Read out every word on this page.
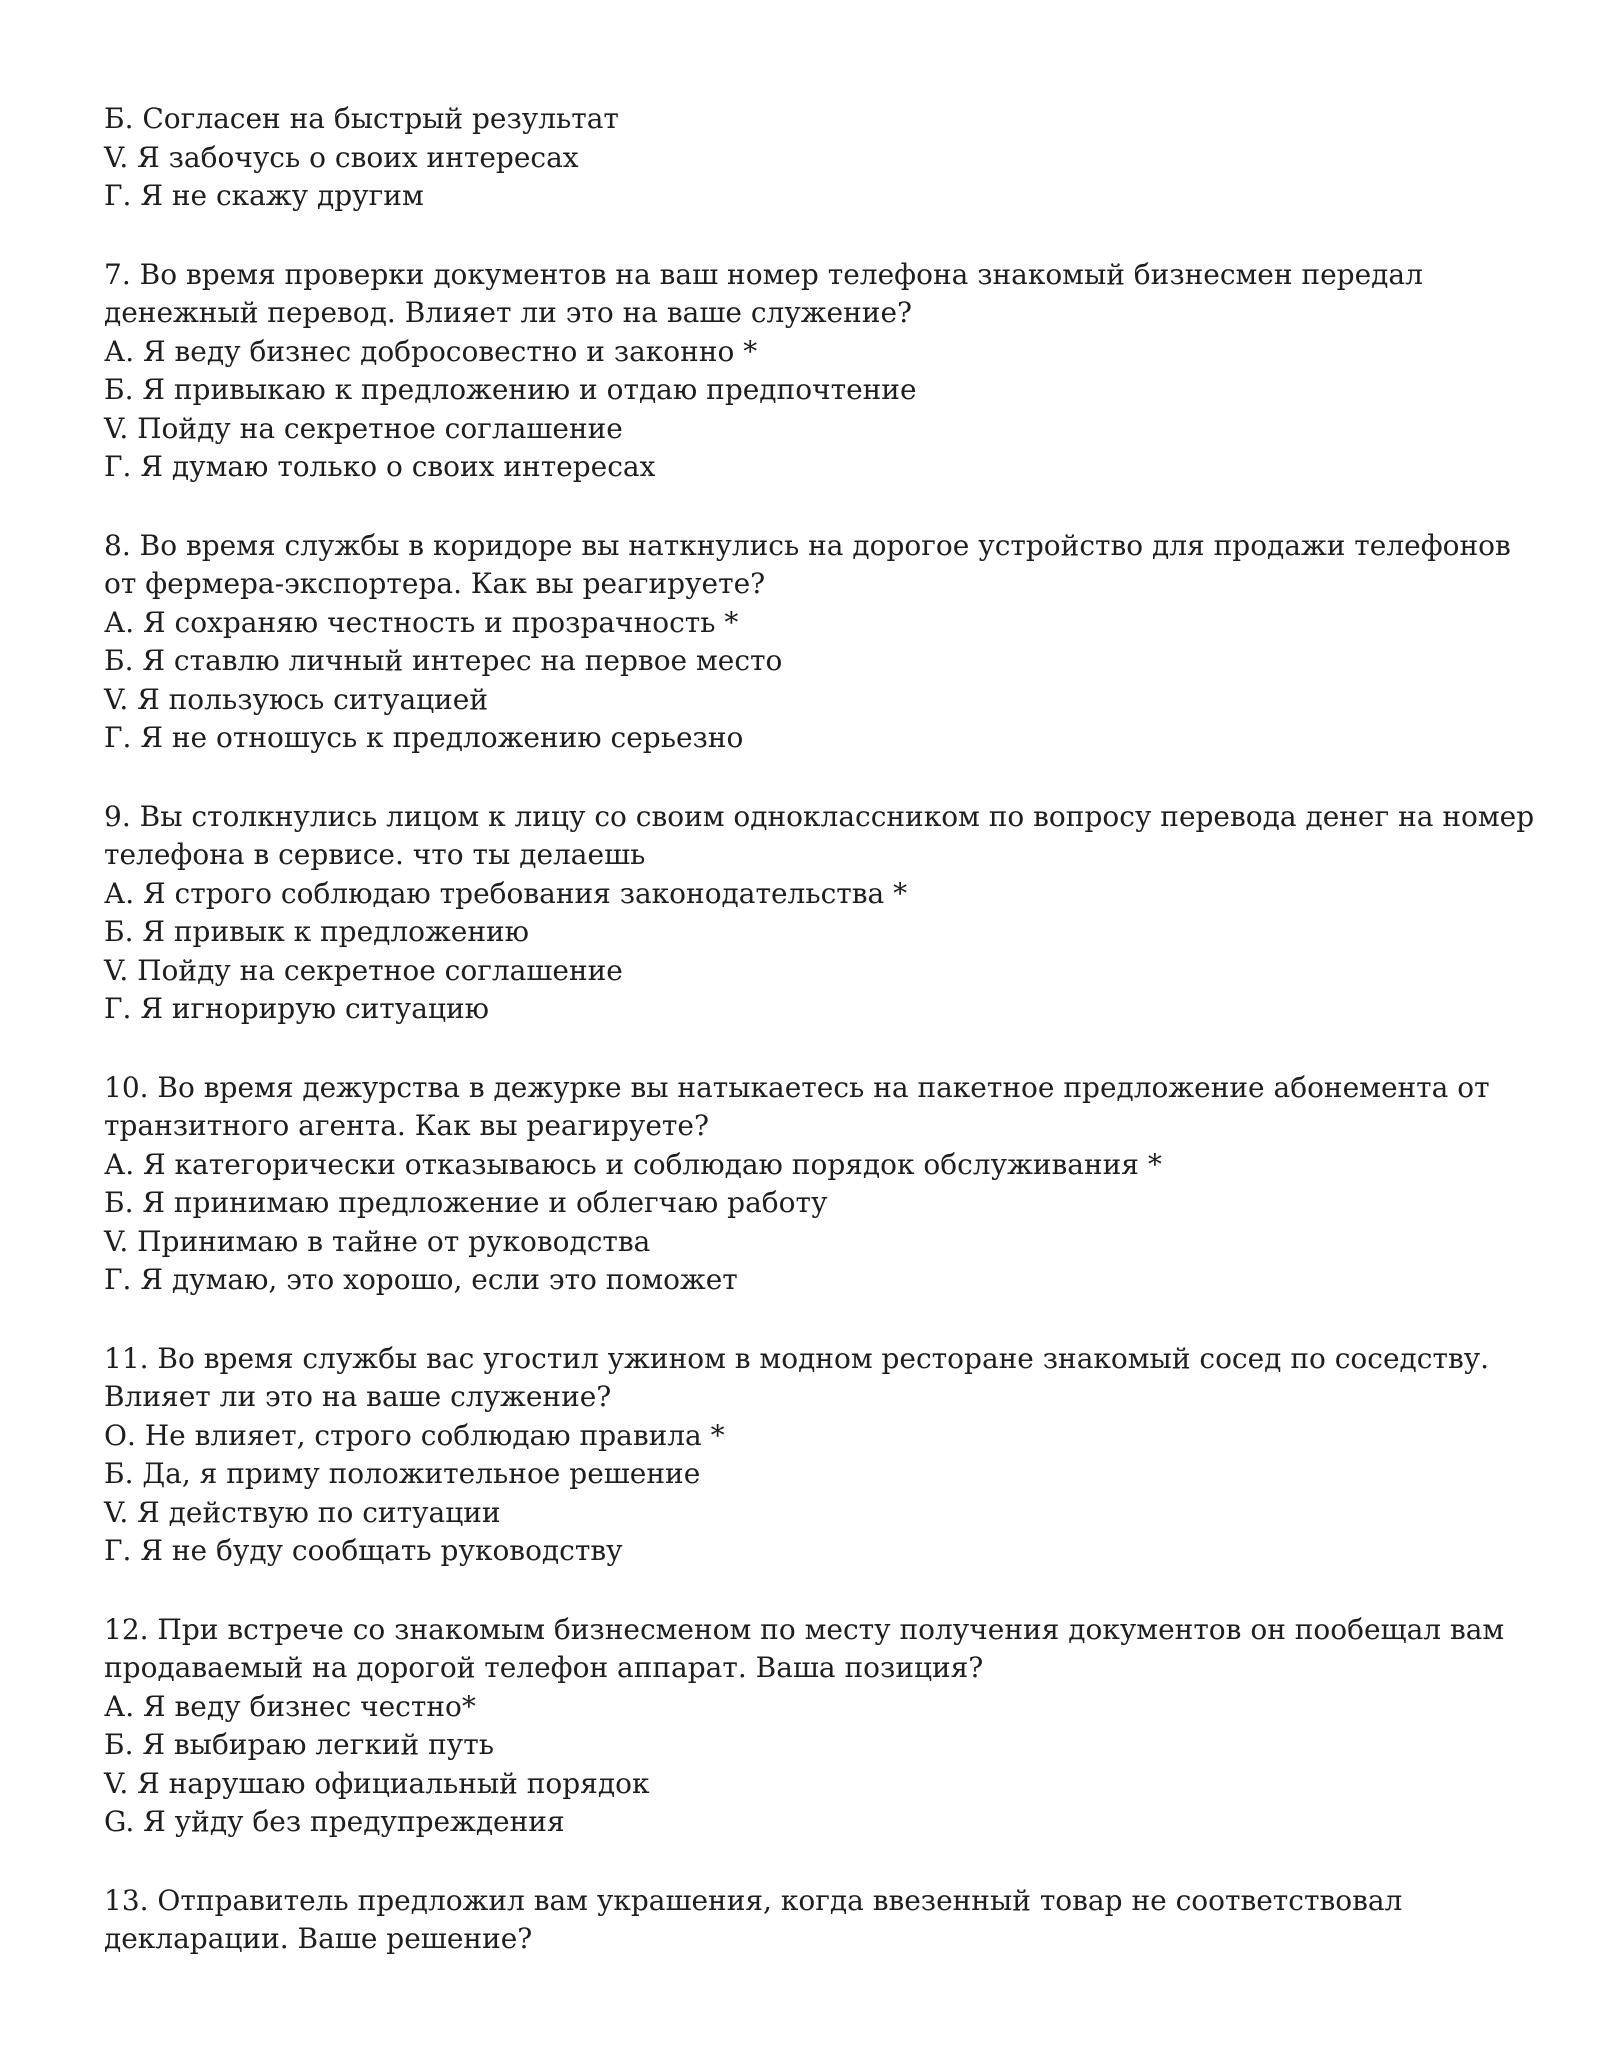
Б. Согласен на быстрый результат

V. Я забочусь о своих интересах

Г. Я не скажу другим

7. Во время проверки документов на ваш номер телефона знакомый бизнесмен передал

денежный перевод. Влияет ли это на ваше служение?

А. Я веду бизнес добросовестно и законно *
Б. Я привыкаю к предложению и отдаю предпочтение
V. Пойду на секретное соглашение
Г. Я думаю только о своих интересах

8. Во время службы в коридоре вы наткнулись на дорогое устройство для продажи телефонов

от фермера-экспортера. Как вы реагируете?

А. Я сохраняю честность и прозрачность *
Б. Я ставлю личный интерес на первое место
V. Я пользуюсь ситуацией
Г. Я не отношусь к предложению серьезно

9. Вы столкнулись лицом к лицу со своим одноклассником по вопросу перевода денег на номер

телефона в сервисе. что ты делаешь

А. Я строго соблюдаю требования законодательства *
Б. Я привык к предложению
V. Пойду на секретное соглашение
Г. Я игнорирую ситуацию

10. Во время дежурства в дежурке вы натыкаетесь на пакетное предложение абонемента от

транзитного агента. Как вы реагируете?

А. Я категорически отказываюсь и соблюдаю порядок обслуживания *
Б. Я принимаю предложение и облегчаю работу
V. Принимаю в тайне от руководства
Г. Я думаю, это хорошо, если это поможет

11. Во время службы вас угостил ужином в модном ресторане знакомый сосед по соседству.

Влияет ли это на ваше служение?

О. Не влияет, строго соблюдаю правила *
Б. Да, я приму положительное решение
V. Я действую по ситуации
Г. Я не буду сообщать руководству

12. При встрече со знакомым бизнесменом по месту получения документов он пообещал вам

продаваемый на дорогой телефон аппарат. Ваша позиция?

А. Я веду бизнес честно*
Б. Я выбираю легкий путь
V. Я нарушаю официальный порядок
G. Я уйду без предупреждения

13. Отправитель предложил вам украшения, когда ввезенный товар не соответствовал

декларации. Ваше решение?
